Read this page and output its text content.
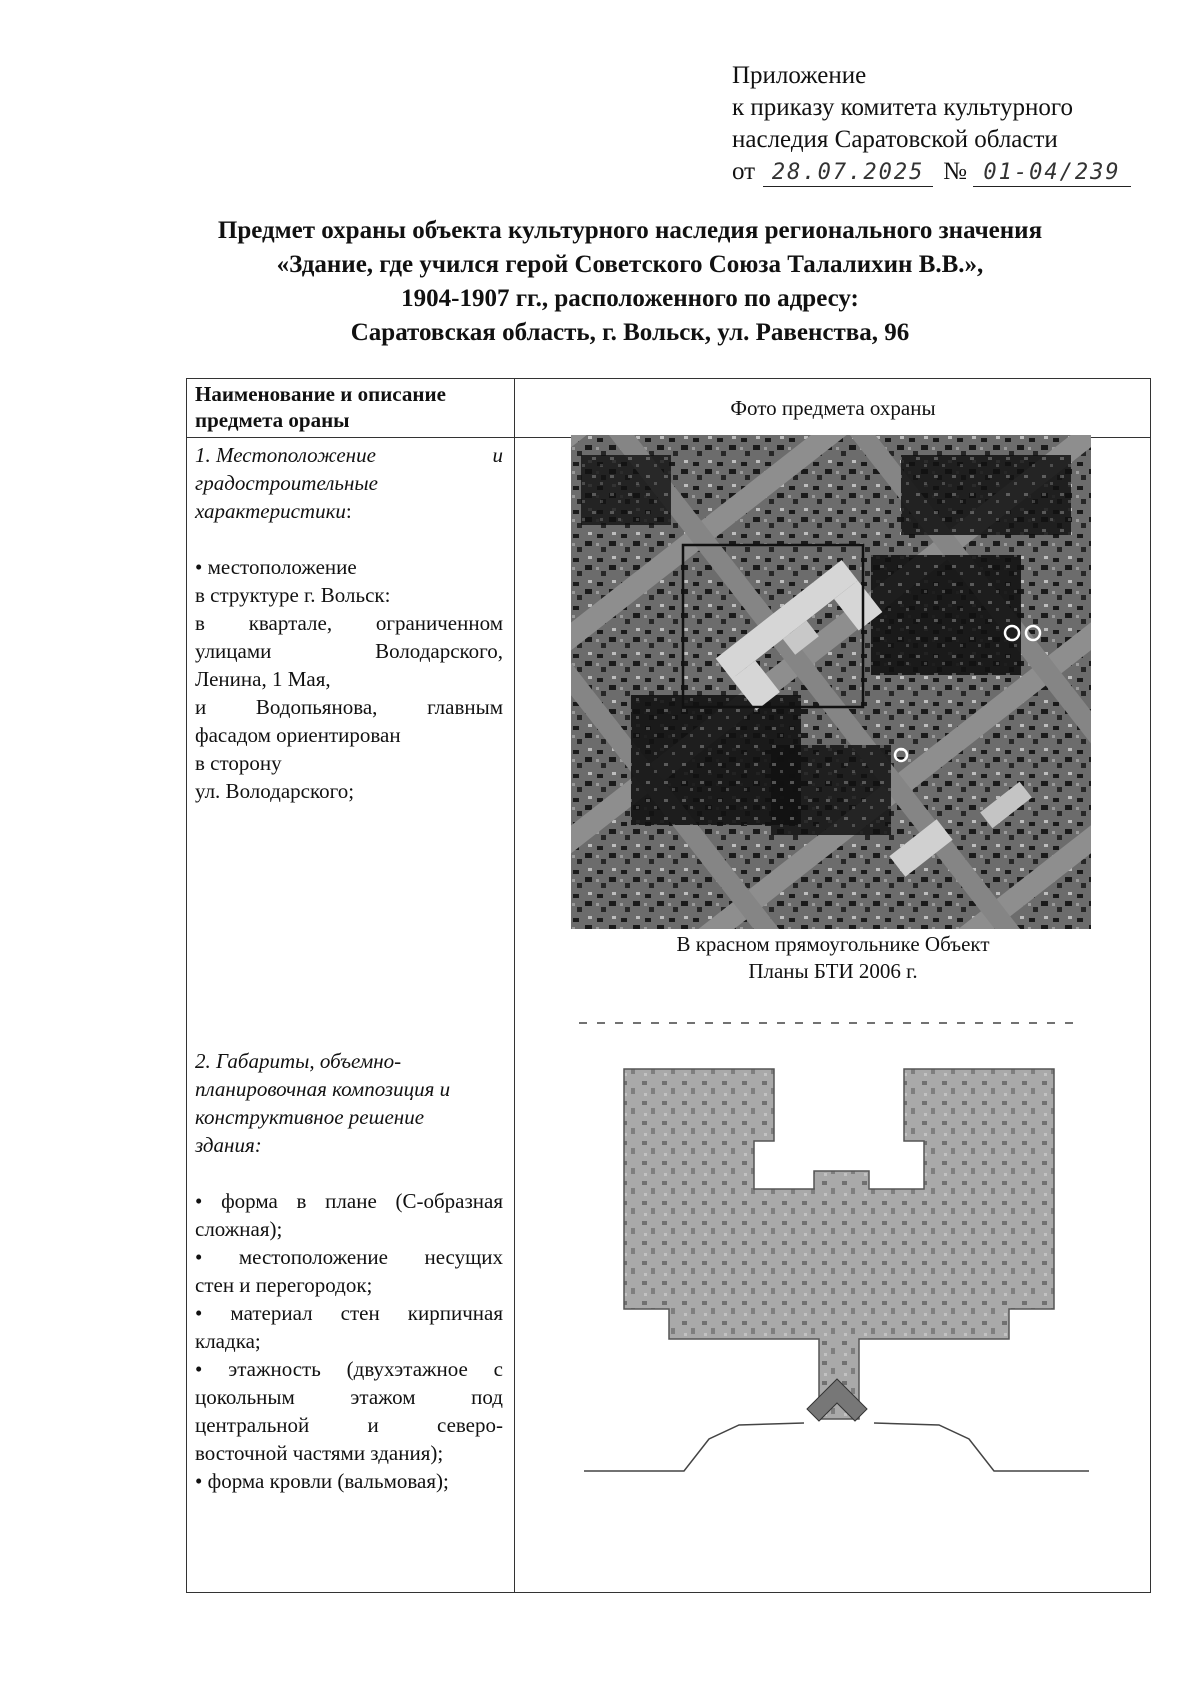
Приложение
к приказу комитета культурного
наследия Саратовской области
от 28.07.2025 № 01-04/239
Предмет охраны объекта культурного наследия регионального значения
«Здание, где учился герой Советского Союза Талалихин В.В.»,
1904-1907 гг., расположенного по адресу:
Саратовская область, г. Вольск, ул. Равенства, 96
Наименование и описание предмета ораны	Фото предмета охраны
1. Местоположение	и
градостроительные
характеристики:
• местоположение
в структуре г. Вольск:
в квартале, ограниченном
улицами Володарского,
Ленина, 1 Мая,
и Водопьянова, главным
фасадом ориентирован
в сторону
ул. Володарского;
В красном прямоугольнике Объект
Планы БТИ 2006 г.
2. Габариты, объемно-
планировочная композиция и
конструктивное решение
здания:
• форма в плане (С-образная
сложная);
• местоположение несущих
стен и перегородок;
• материал стен кирпичная
кладка;
• этажность (двухэтажное с
цокольным этажом под
центральной и северо-
восточной частями здания);
• форма кровли (вальмовая);
